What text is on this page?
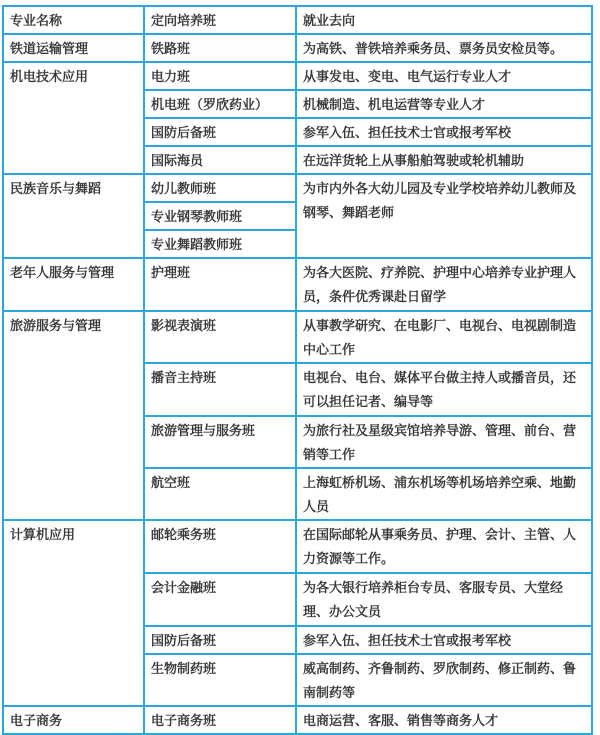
专业名称	定向培养班	就业去向
铁道运输管理	铁路班	为高铁、普铁培养乘务员、票务员安检员等。
机电技术应用	电力班	从事发电、变电、电气运行专业人才
	机电班（罗欣药业）	机械制造、机电运营等专业人才
	国防后备班	参军入伍、担任技术士官或报考军校
	国际海员	在远洋货轮上从事船舶驾驶或轮机辅助
民族音乐与舞蹈	幼儿教师班	为市内外各大幼儿园及专业学校培养幼儿教师及钢琴、舞蹈老师
	专业钢琴教师班	
	专业舞蹈教师班	
老年人服务与管理	护理班	为各大医院、疗养院、护理中心培养专业护理人员，条件优秀课赴日留学
旅游服务与管理	影视表演班	从事教学研究、在电影厂、电视台、电视剧制造中心工作
	播音主持班	电视台、电台、媒体平台做主持人或播音员，还可以担任记者、编导等
	旅游管理与服务班	为旅行社及星级宾馆培养导游、管理、前台、营销等工作
	航空班	上海虹桥机场、浦东机场等机场培养空乘、地勤人员
计算机应用	邮轮乘务班	在国际邮轮从事乘务员、护理、会计、主管、人力资源等工作。
	会计金融班	为各大银行培养柜台专员、客服专员、大堂经理、办公文员
	国防后备班	参军入伍、担任技术士官或报考军校
	生物制药班	威高制药、齐鲁制药、罗欣制药、修正制药、鲁南制药等
电子商务	电子商务班	电商运营、客服、销售等商务人才
